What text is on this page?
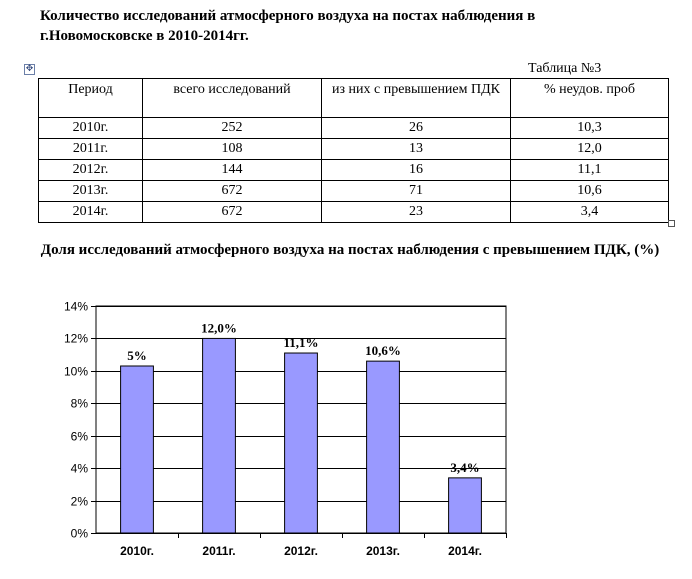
Количество исследований атмосферного воздуха на постах наблюдения в г.Новомосковске в 2010-2014гг.
✥	Таблица №3
Период	всего исследований	из них с превышением ПДК	% неудов. проб
2010г.	252	26	10,3
2011г.	108	13	12,0
2012г.	144	16	11,1
2013г.	672	71	10,6
2014г.	672	23	3,4
Доля исследований атмосферного воздуха на постах наблюдения с превышением ПДК, (%)
0%
2%
4%
6%
8%
10%
12%
14%
5%
2010г.
12,0%
2011г.
11,1%
2012г.
10,6%
2013г.
3,4%
2014г.
